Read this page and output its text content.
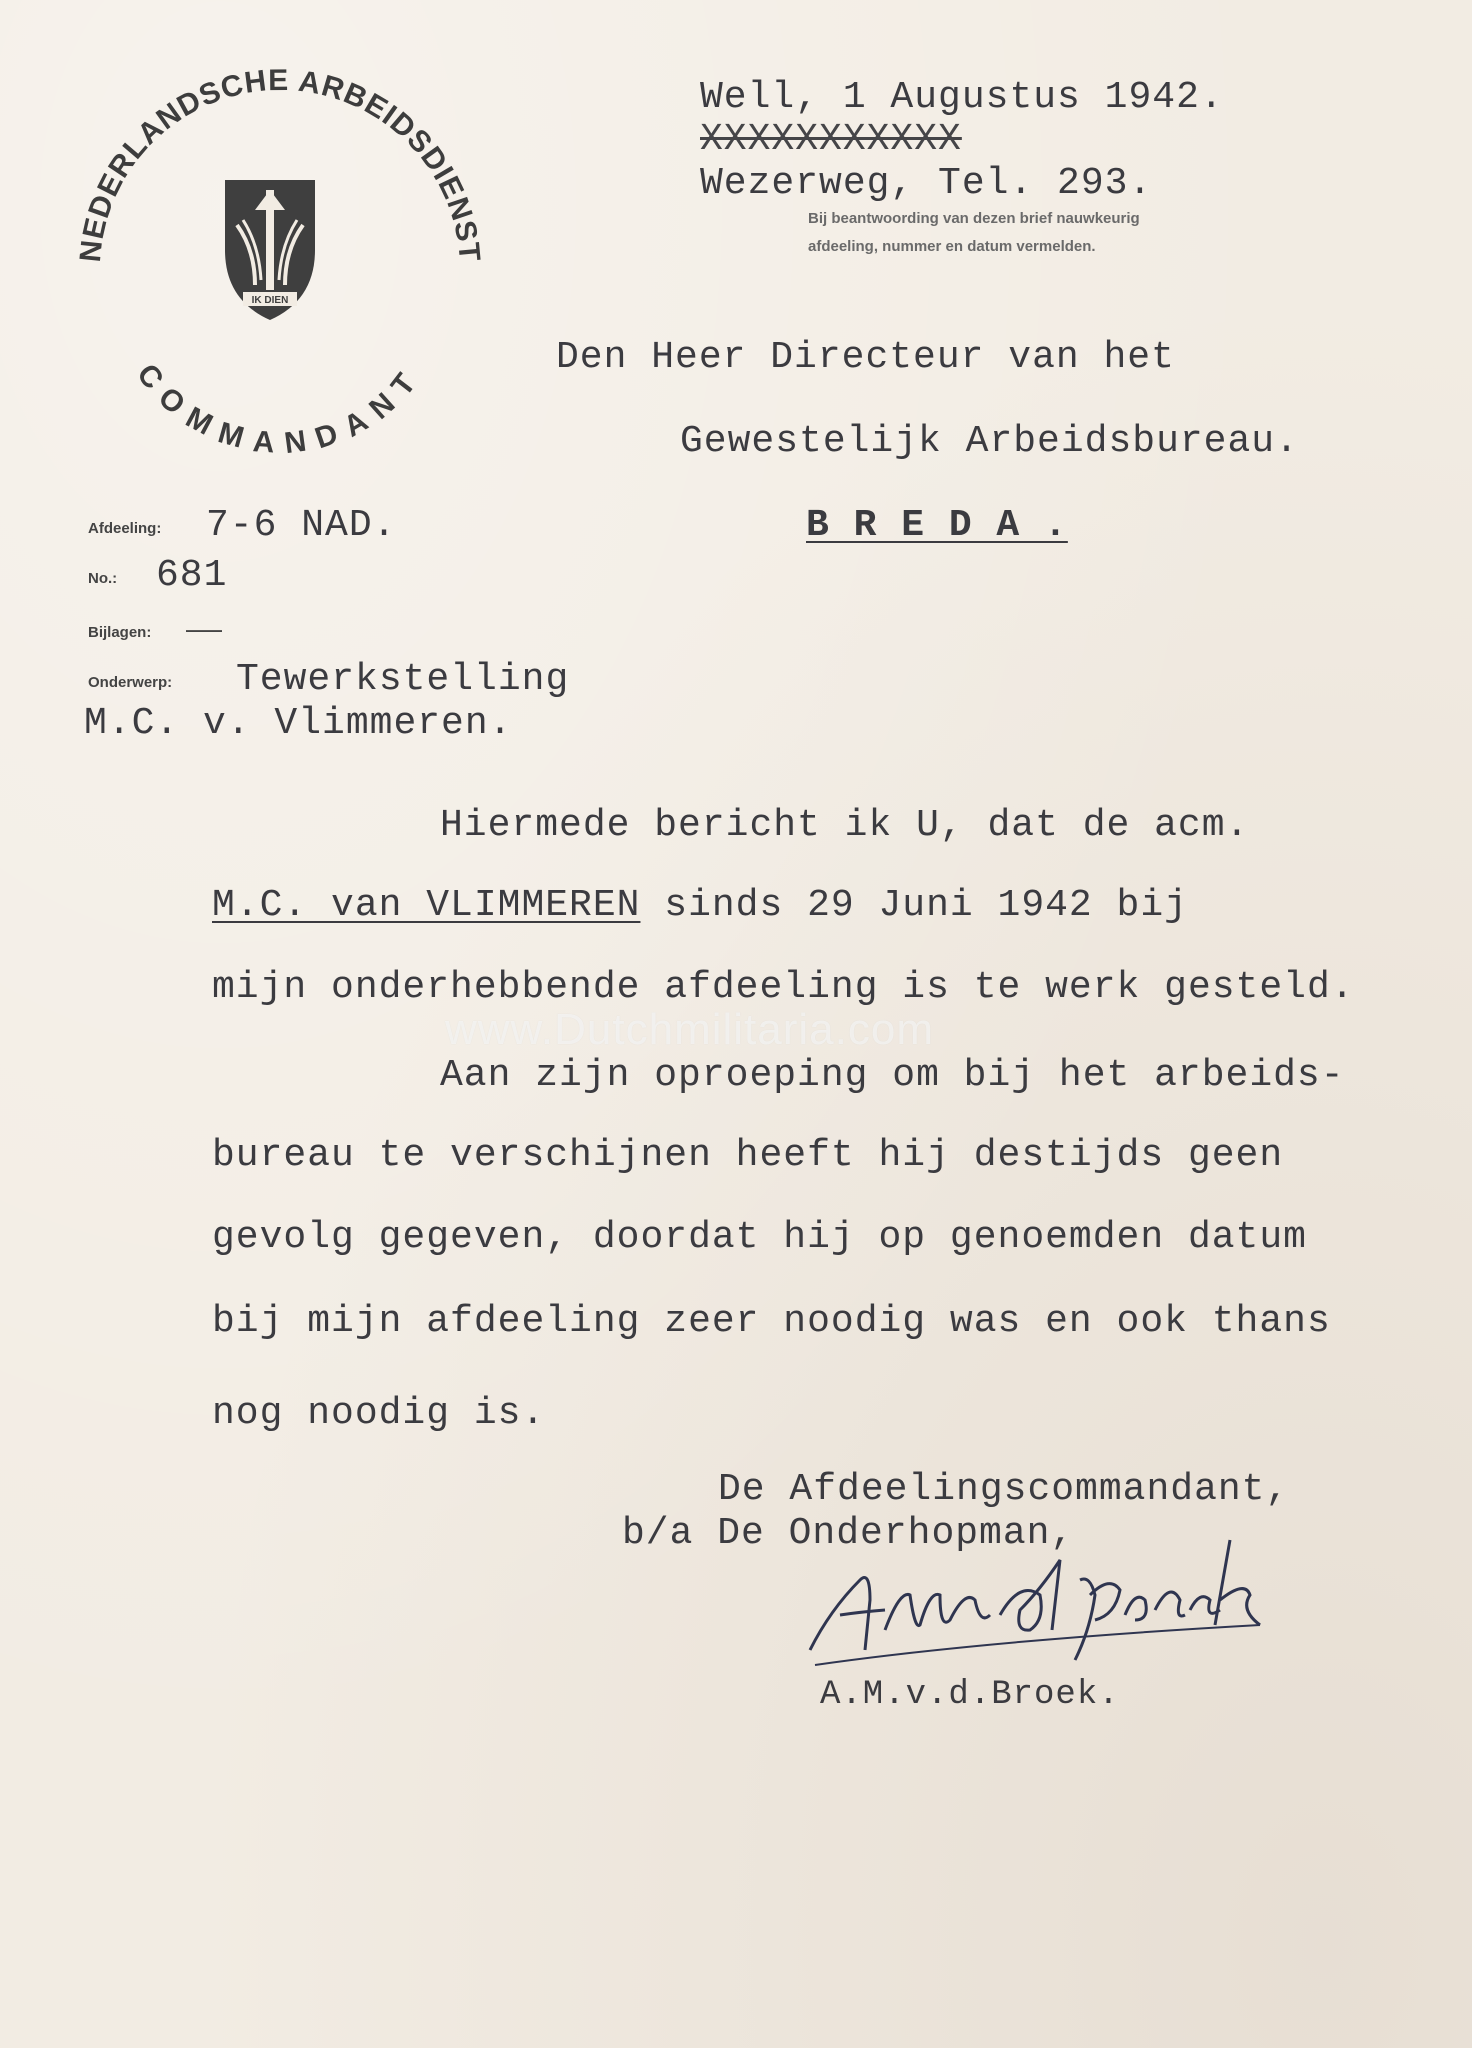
NEDERLANDSCHE ARBEIDSDIENST
COMMANDANT
IK DIEN
Well, 1 Augustus 1942.
XXXXXXXXXXX
Wezerweg, Tel. 293.
Bij beantwoording van dezen brief nauwkeurig
afdeeling, nummer en datum vermelden.
Den Heer Directeur van het
Gewestelijk Arbeidsbureau.
B R E D A .
Afdeeling: 7-6 NAD.
No.: 681
Bijlagen: ——
Onderwerp: Tewerkstelling
M.C. v. Vlimmeren.
Hiermede bericht ik U, dat de acm.
M.C. van VLIMMEREN sinds 29 Juni 1942 bij
mijn onderhebbende afdeeling is te werk gesteld.
www.Dutchmilitaria.com
Aan zijn oproeping om bij het arbeids-
bureau te verschijnen heeft hij destijds geen
gevolg gegeven, doordat hij op genoemden datum
bij mijn afdeeling zeer noodig was en ook thans
nog noodig is.
De Afdeelingscommandant,
b/a De Onderhopman,
A.M.v.d.Broek.
